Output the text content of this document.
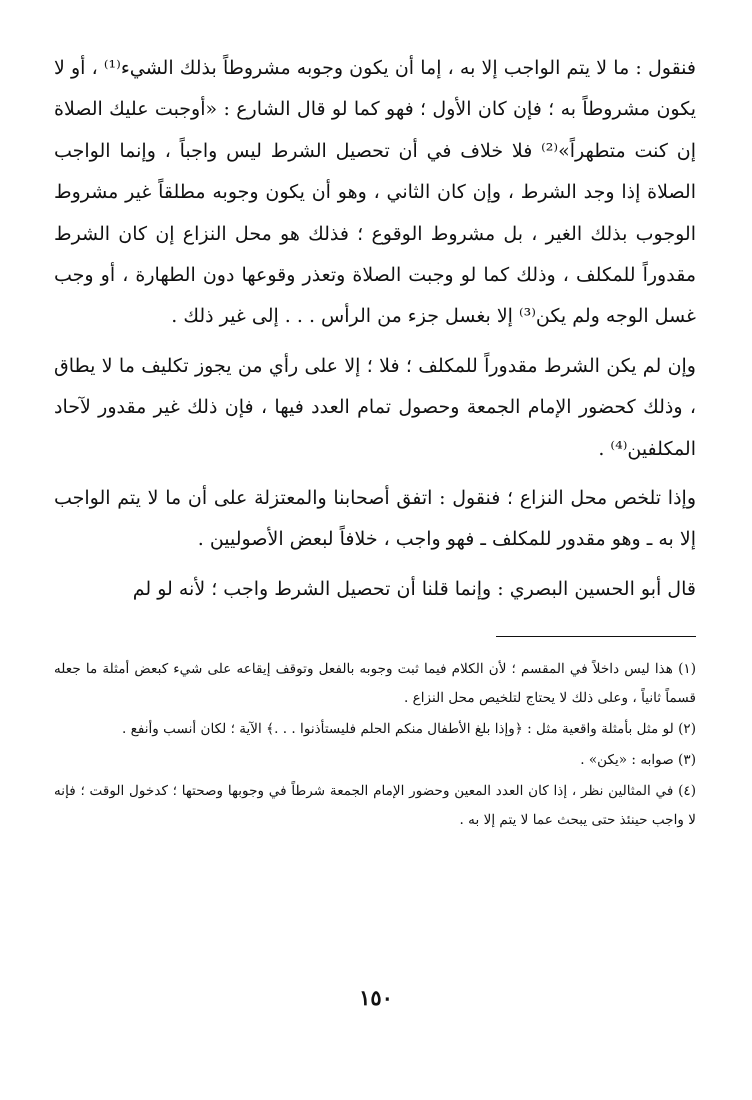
فنقول : ما لا يتم الواجب إلا به ، إما أن يكون وجوبه مشروطاً بذلك الشيء⁽¹⁾ ، أو لا يكون مشروطاً به ؛ فإن كان الأول ؛ فهو كما لو قال الشارع : «أوجبت عليك الصلاة إن كنت متطهراً»⁽²⁾ فلا خلاف في أن تحصيل الشرط ليس واجباً ، وإنما الواجب الصلاة إذا وجد الشرط ، وإن كان الثاني ، وهو أن يكون وجوبه مطلقاً غير مشروط الوجوب بذلك الغير ، بل مشروط الوقوع ؛ فذلك هو محل النزاع إن كان الشرط مقدوراً للمكلف ، وذلك كما لو وجبت الصلاة وتعذر وقوعها دون الطهارة ، أو وجب غسل الوجه ولم يكن⁽³⁾ إلا بغسل جزء من الرأس . . . إلى غير ذلك .

وإن لم يكن الشرط مقدوراً للمكلف ؛ فلا ؛ إلا على رأي من يجوز تكليف ما لا يطاق ، وذلك كحضور الإمام الجمعة وحصول تمام العدد فيها ، فإن ذلك غير مقدور لآحاد المكلفين⁽⁴⁾ .

وإذا تلخص محل النزاع ؛ فنقول : اتفق أصحابنا والمعتزلة على أن ما لا يتم الواجب إلا به ـ وهو مقدور للمكلف ـ فهو واجب ، خلافاً لبعض الأصوليين .

قال أبو الحسين البصري : وإنما قلنا أن تحصيل الشرط واجب ؛ لأنه لو لم

(١) هذا ليس داخلاً في المقسم ؛ لأن الكلام فيما ثبت وجوبه بالفعل وتوقف إيقاعه على شيء كبعض أمثلة ما جعله قسماً ثانياً ، وعلى ذلك لا يحتاج لتلخيص محل النزاع .

(٢) لو مثل بأمثلة واقعية مثل : ﴿وإذا بلغ الأطفال منكم الحلم فليستأذنوا . . .﴾ الآية ؛ لكان أنسب وأنفع .

(٣) صوابه : «يكن» .

(٤) في المثالين نظر ، إذا كان العدد المعين وحضور الإمام الجمعة شرطاً في وجوبها وصحتها ؛ كدخول الوقت ؛ فإنه لا واجب حينئذ حتى يبحث عما لا يتم إلا به .

١٥٠
